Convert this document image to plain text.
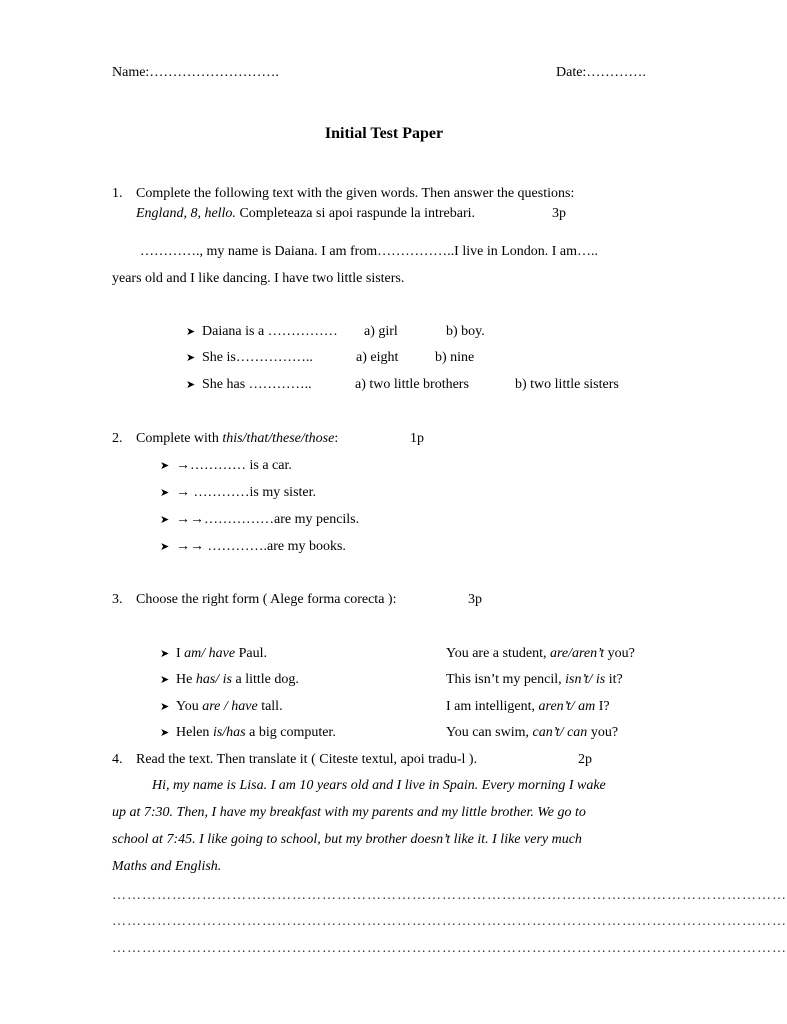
Name:……………………….	Date:………….
Initial Test Paper
1. Complete the following text with the given words. Then answer the questions:
England, 8, hello. Completeaza si apoi raspunde la intrebari.	3p
…………., my name is Daiana. I am from……………..I live in London. I am…..
years old and I like dancing. I have two little sisters.
➤ Daiana is a …………… a) girl	b) boy.
➤ She is……………..	a) eight	b) nine
➤ She has …………..	a) two little brothers	b) two little sisters
2. Complete with this/that/these/those:	1p
➤ →………… is a car.
➤ → …………is my sister.
➤ →→……………are my pencils.
➤ →→ ………….are my books.
3. Choose the right form ( Alege forma corecta ):	3p
➤ I am/ have Paul.	You are a student, are/aren’t you?
➤ He has/ is a little dog.	This isn’t my pencil, isn’t/ is it?
➤ You are / have tall.	I am intelligent, aren’t/ am I?
➤ Helen is/has a big computer.	You can swim, can’t/ can you?
4. Read the text. Then translate it ( Citeste textul, apoi tradu-l ).	2p
Hi, my name is Lisa. I am 10 years old and I live in Spain. Every morning I wake
up at 7:30. Then, I have my breakfast with my parents and my little brother. We go to
school at 7:45. I like going to school, but my brother doesn’t like it. I like very much
Maths and English.
………………………………………………………………………………………………………………………
………………………………………………………………………………………………………………………
………………………………………………………………………………………………………………………
